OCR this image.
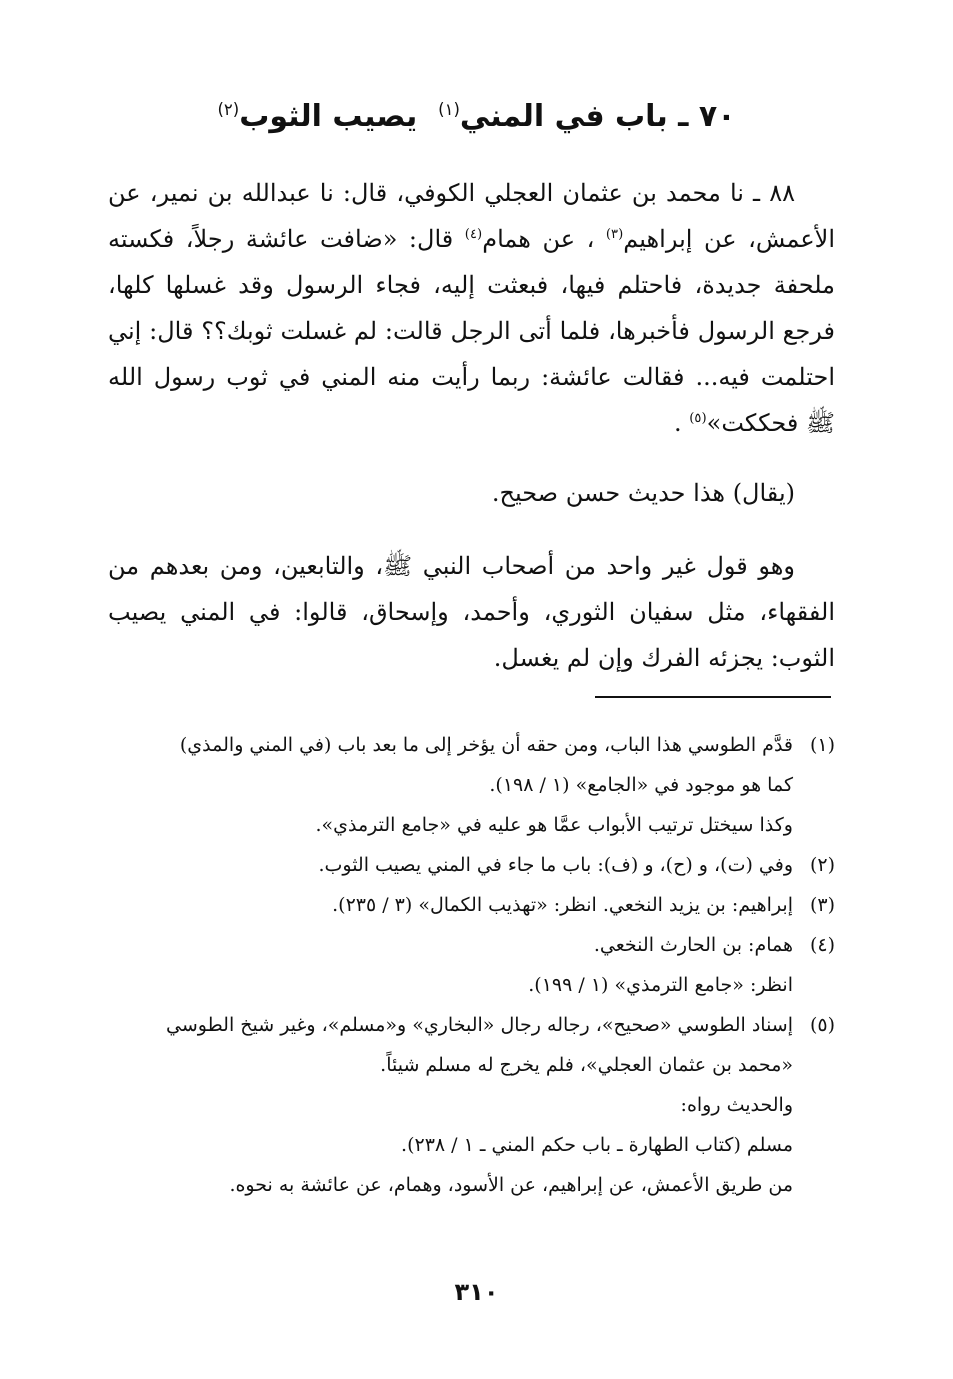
٧٠ ـ باب في المني$^{(١)}$  يصيب الثوب$^{(٢)}$

٨٨ ـ نا محمد بن عثمان العجلي الكوفي، قال: نا عبدالله بن نمير، عن الأعمش، عن إبراهيم$^{(٣)}$ ، عن همام$^{(٤)}$ قال: «ضافت عائشة رجلاً، فكسته ملحفة جديدة، فاحتلم فيها، فبعثت إليه، فجاء الرسول وقد غسلها كلها، فرجع الرسول فأخبرها، فلما أتى الرجل قالت: لم غسلت ثوبك؟؟ قال: إني احتلمت فيه... فقالت عائشة: ربما رأيت منه المني في ثوب رسول الله ﷺ فحككت»$^{(٥)}$ .

(يقال) هذا حديث حسن صحيح.

وهو قول غير واحد من أصحاب النبي ﷺ، والتابعين، ومن بعدهم من الفقهاء، مثل سفيان الثوري، وأحمد، وإسحاق، قالوا: في المني يصيب الثوب: يجزئه الفرك وإن لم يغسل.

(١)
قدَّم الطوسي هذا الباب، ومن حقه أن يؤخر إلى ما بعد باب (في المني والمذي)
كما هو موجود في «الجامع» (١ / ١٩٨).
وكذا سيختل ترتيب الأبواب عمَّا هو عليه في «جامع الترمذي».
(٢)
وفي (ت)، و (ح)، و (ف): باب ما جاء في المني يصيب الثوب.
(٣)
إبراهيم: بن يزيد النخعي. انظر: «تهذيب الكمال» (٣ / ٢٣٥).
(٤)
همام: بن الحارث النخعي.
انظر: «جامع الترمذي» (١ / ١٩٩).
(٥)
إسناد الطوسي «صحيح»، رجاله رجال «البخاري» و«مسلم»، وغير شيخ الطوسي
«محمد بن عثمان العجلي»، فلم يخرج له مسلم شيئاً.
والحديث رواه:
مسلم (كتاب الطهارة ـ باب حكم المني ـ ١ / ٢٣٨).
من طريق الأعمش، عن إبراهيم، عن الأسود، وهمام، عن عائشة به نحوه.
٣١٠
